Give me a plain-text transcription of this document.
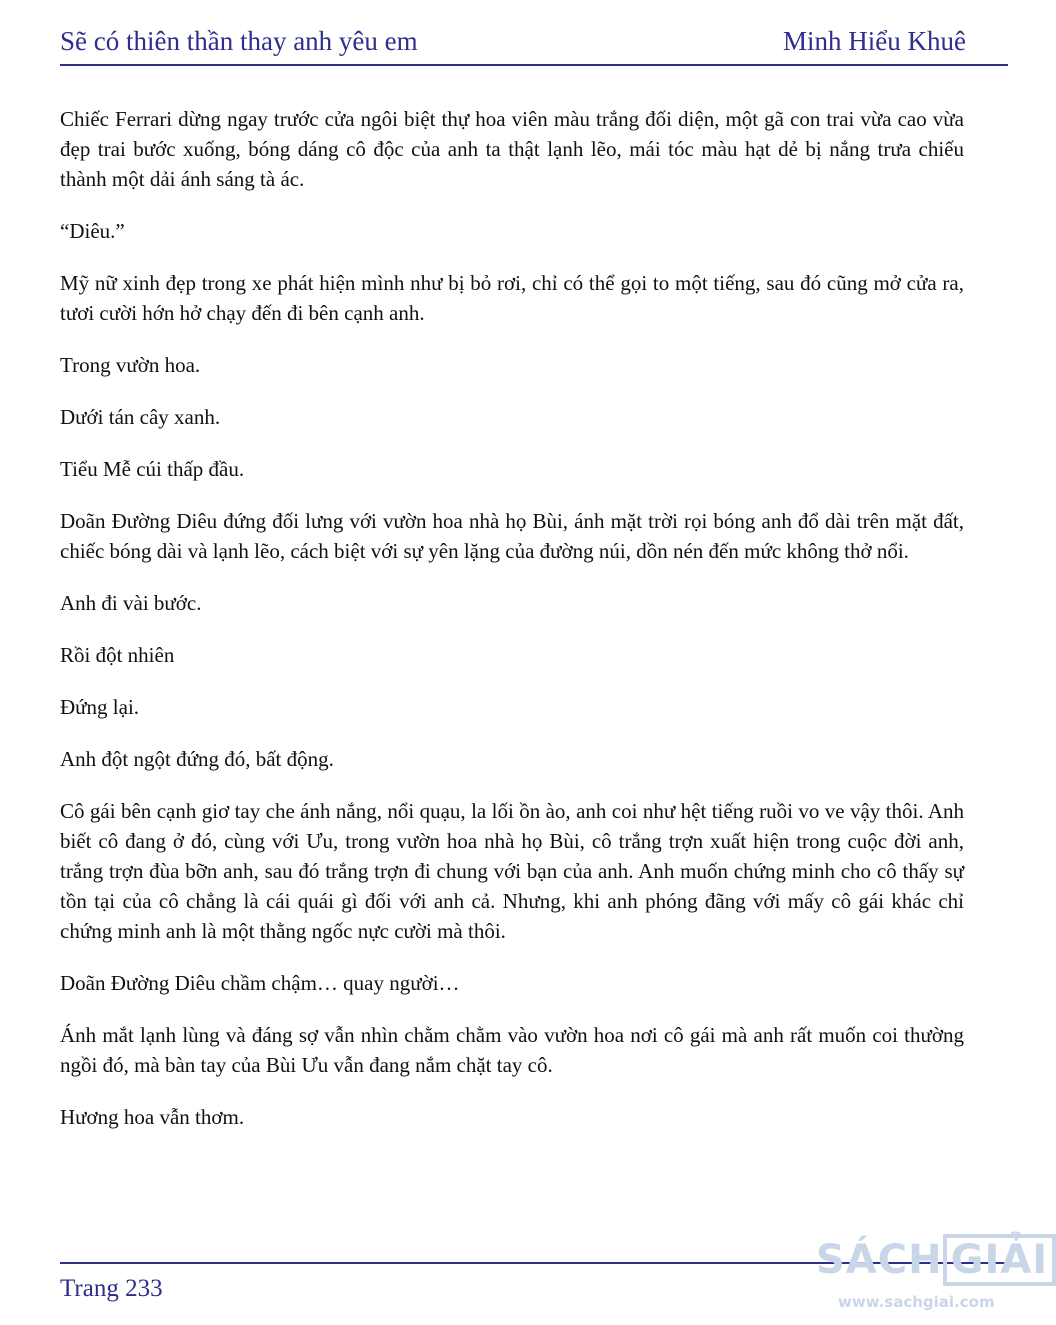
Sẽ có thiên thần thay anh yêu em	Minh Hiểu Khuê

Chiếc Ferrari dừng ngay trước cửa ngôi biệt thự hoa viên màu trắng đối diện, một gã con trai vừa cao vừa đẹp trai bước xuống, bóng dáng cô độc của anh ta thật lạnh lẽo, mái tóc màu hạt dẻ bị nắng trưa chiếu thành một dải ánh sáng tà ác.

“Diêu.”

Mỹ nữ xinh đẹp trong xe phát hiện mình như bị bỏ rơi, chỉ có thể gọi to một tiếng, sau đó cũng mở cửa ra, tươi cười hớn hở chạy đến đi bên cạnh anh.

Trong vườn hoa.

Dưới tán cây xanh.

Tiểu Mễ cúi thấp đầu.

Doãn Đường Diêu đứng đối lưng với vườn hoa nhà họ Bùi, ánh mặt trời rọi bóng anh đổ dài trên mặt đất, chiếc bóng dài và lạnh lẽo, cách biệt với sự yên lặng của đường núi, dồn nén đến mức không thở nổi.

Anh đi vài bước.

Rồi đột nhiên

Đứng lại.

Anh đột ngột đứng đó, bất động.

Cô gái bên cạnh giơ tay che ánh nắng, nổi quạu, la lối ồn ào, anh coi như hệt tiếng ruồi vo ve vậy thôi. Anh biết cô đang ở đó, cùng với Ưu, trong vườn hoa nhà họ Bùi, cô trắng trợn xuất hiện trong cuộc đời anh, trắng trợn đùa bỡn anh, sau đó trắng trợn đi chung với bạn của anh. Anh muốn chứng minh cho cô thấy sự tồn tại của cô chẳng là cái quái gì đối với anh cả. Nhưng, khi anh phóng đãng với mấy cô gái khác chỉ chứng minh anh là một thằng ngốc nực cười mà thôi.

Doãn Đường Diêu chầm chậm… quay người…

Ánh mắt lạnh lùng và đáng sợ vẫn nhìn chằm chằm vào vườn hoa nơi cô gái mà anh rất muốn coi thường ngồi đó, mà bàn tay của Bùi Ưu vẫn đang nắm chặt tay cô.

Hương hoa vẫn thơm.

Trang 233
SÁCH GIẢI
www.sachgiai.com
